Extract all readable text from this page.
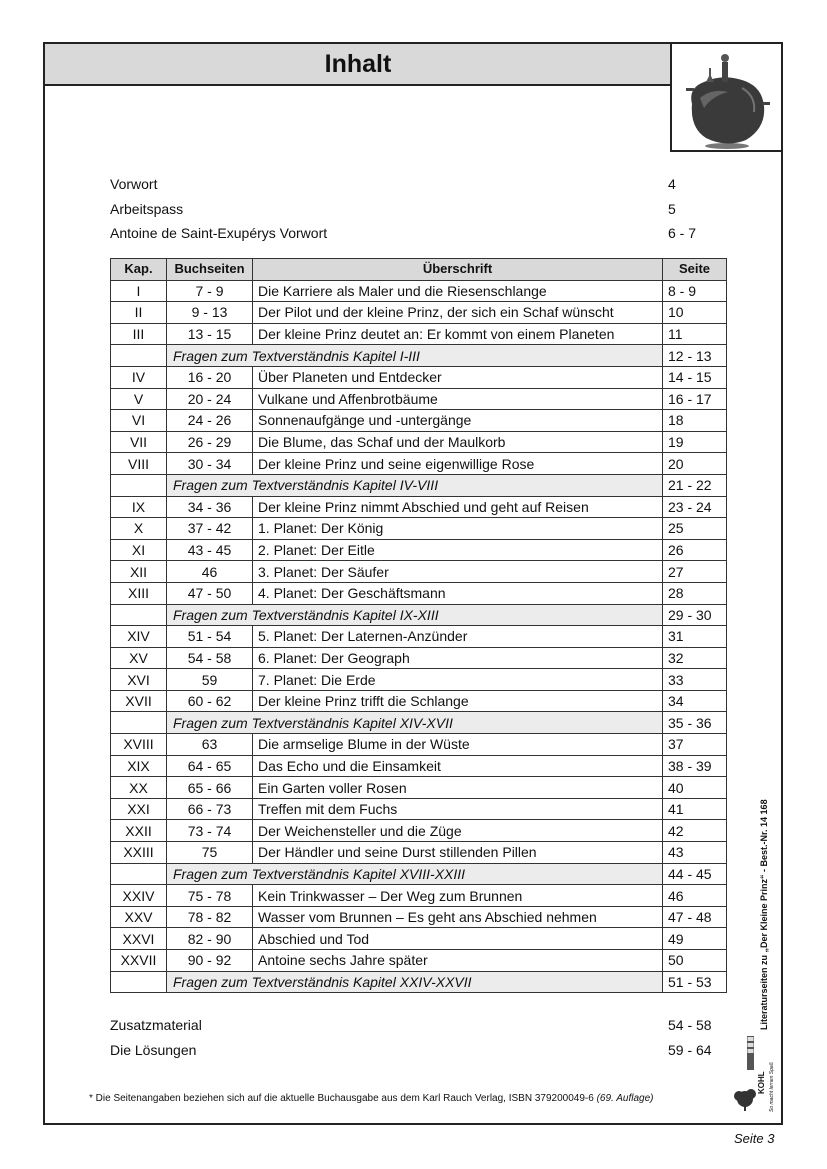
Inhalt
Vorwort	4
Arbeitspass	5
Antoine de Saint-Exupérys Vorwort	6 - 7
Kap.	Buchseiten	Überschrift	Seite
I	7 - 9	Die Karriere als Maler und die Riesenschlange	8 - 9
II	9 - 13	Der Pilot und der kleine Prinz, der sich ein Schaf wünscht	10
III	13 - 15	Der kleine Prinz deutet an: Er kommt von einem Planeten	11
	Fragen zum Textverständnis Kapitel I-III		12 - 13
IV	16 - 20	Über Planeten und Entdecker	14 - 15
V	20 - 24	Vulkane und Affenbrotbäume	16 - 17
VI	24 - 26	Sonnenaufgänge und -untergänge	18
VII	26 - 29	Die Blume, das Schaf und der Maulkorb	19
VIII	30 - 34	Der kleine Prinz und seine eigenwillige Rose	20
	Fragen zum Textverständnis Kapitel IV-VIII		21 - 22
IX	34 - 36	Der kleine Prinz nimmt Abschied und geht auf Reisen	23 - 24
X	37 - 42	1. Planet: Der König	25
XI	43 - 45	2. Planet: Der Eitle	26
XII	46	3. Planet: Der Säufer	27
XIII	47 - 50	4. Planet: Der Geschäftsmann	28
	Fragen zum Textverständnis Kapitel IX-XIII		29 - 30
XIV	51 - 54	5. Planet: Der Laternen-Anzünder	31
XV	54 - 58	6. Planet: Der Geograph	32
XVI	59	7. Planet: Die Erde	33
XVII	60 - 62	Der kleine Prinz trifft die Schlange	34
	Fragen zum Textverständnis Kapitel XIV-XVII		35 - 36
XVIII	63	Die armselige Blume in der Wüste	37
XIX	64 - 65	Das Echo und die Einsamkeit	38 - 39
XX	65 - 66	Ein Garten voller Rosen	40
XXI	66 - 73	Treffen mit dem Fuchs	41
XXII	73 - 74	Der Weichensteller und die Züge	42
XXIII	75	Der Händler und seine Durst stillenden Pillen	43
	Fragen zum Textverständnis Kapitel XVIII-XXIII		44 - 45
XXIV	75 - 78	Kein Trinkwasser – Der Weg zum Brunnen	46
XXV	78 - 82	Wasser vom Brunnen – Es geht ans Abschied nehmen	47 - 48
XXVI	82 - 90	Abschied und Tod	49
XXVII	90 - 92	Antoine sechs Jahre später	50
	Fragen zum Textverständnis Kapitel XXIV-XXVII		51 - 53
Zusatzmaterial	54 - 58
Die Lösungen	59 - 64
* Die Seitenangaben beziehen sich auf die aktuelle Buchausgabe aus dem Karl Rauch Verlag, ISBN 379200049-6 (69. Auflage)
Literaturseiten zu „Der Kleine Prinz“ - Best.-Nr. 14 168
KOHL So macht lernen Spaß
Seite 3
